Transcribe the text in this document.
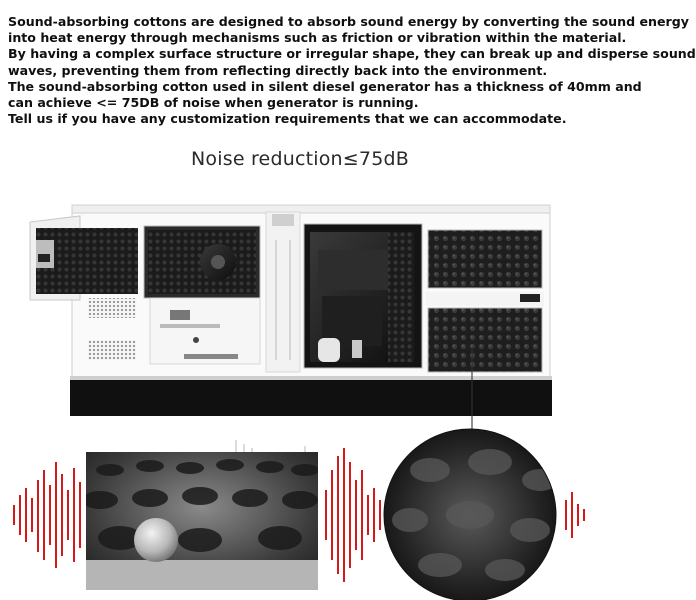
Sound-absorbing cottons are designed to absorb sound energy by converting the sound energy

into heat energy through mechanisms such as friction or vibration within the material.

By having a complex surface structure or irregular shape, they can break up and disperse sound

waves, preventing them from reflecting directly back into the environment.

The sound-absorbing cotton used in silent diesel generator has a thickness of 40mm and

can achieve <= 75DB of noise when generator is running.

Tell us if you have any customization requirements that we can accommodate.

Noise reduction≤75dB
